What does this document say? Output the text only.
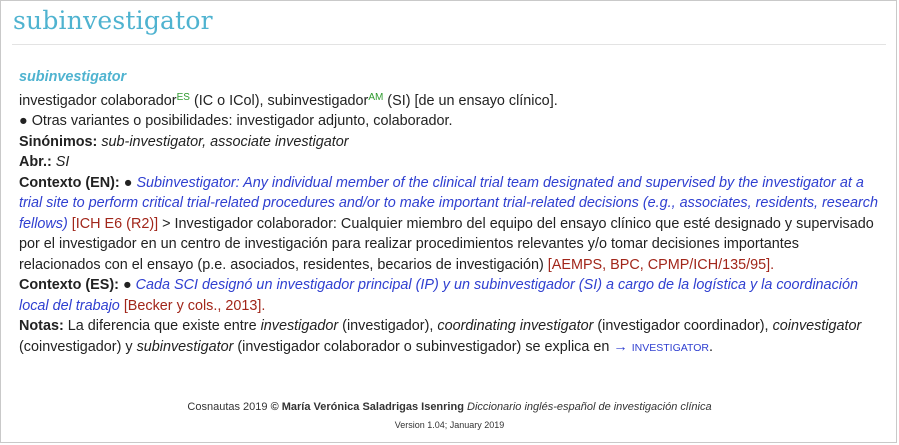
subinvestigator

subinvestigator

investigador colaborador$^{ES}$ (IC o ICol), subinvestigador$^{AM}$ (SI) [de un ensayo clínico].

● Otras variantes o posibilidades: investigador adjunto, colaborador.

Sinónimos: sub-investigator, associate investigator

Abr.: SI

Contexto (EN): ● Subinvestigator: Any individual member of the clinical trial team designated and supervised by the investigator at a trial site to perform critical trial-related procedures and/or to make important trial-related decisions (e.g., associates, residents, research fellows) [ICH E6 (R2)] > Investigador colaborador: Cualquier miembro del equipo del ensayo clínico que esté designado y supervisado por el investigador en un centro de investigación para realizar procedimientos relevantes y/o tomar decisiones importantes relacionados con el ensayo (p.e. asociados, residentes, becarios de investigación) [AEMPS, BPC, CPMP/ICH/135/95].

Contexto (ES): ● Cada SCI designó un investigador principal (IP) y un subinvestigador (SI) a cargo de la logística y la coordinación local del trabajo [Becker y cols., 2013].

Notas: La diferencia que existe entre investigador (investigador), coordinating investigator (investigador coordinador), coinvestigator (coinvestigador) y subinvestigator (investigador colaborador o subinvestigador) se explica en → INVESTIGATOR.

Cosnautas 2019 © María Verónica Saladrigas Isenring Diccionario inglés-español de investigación clínica
Version 1.04; January 2019
